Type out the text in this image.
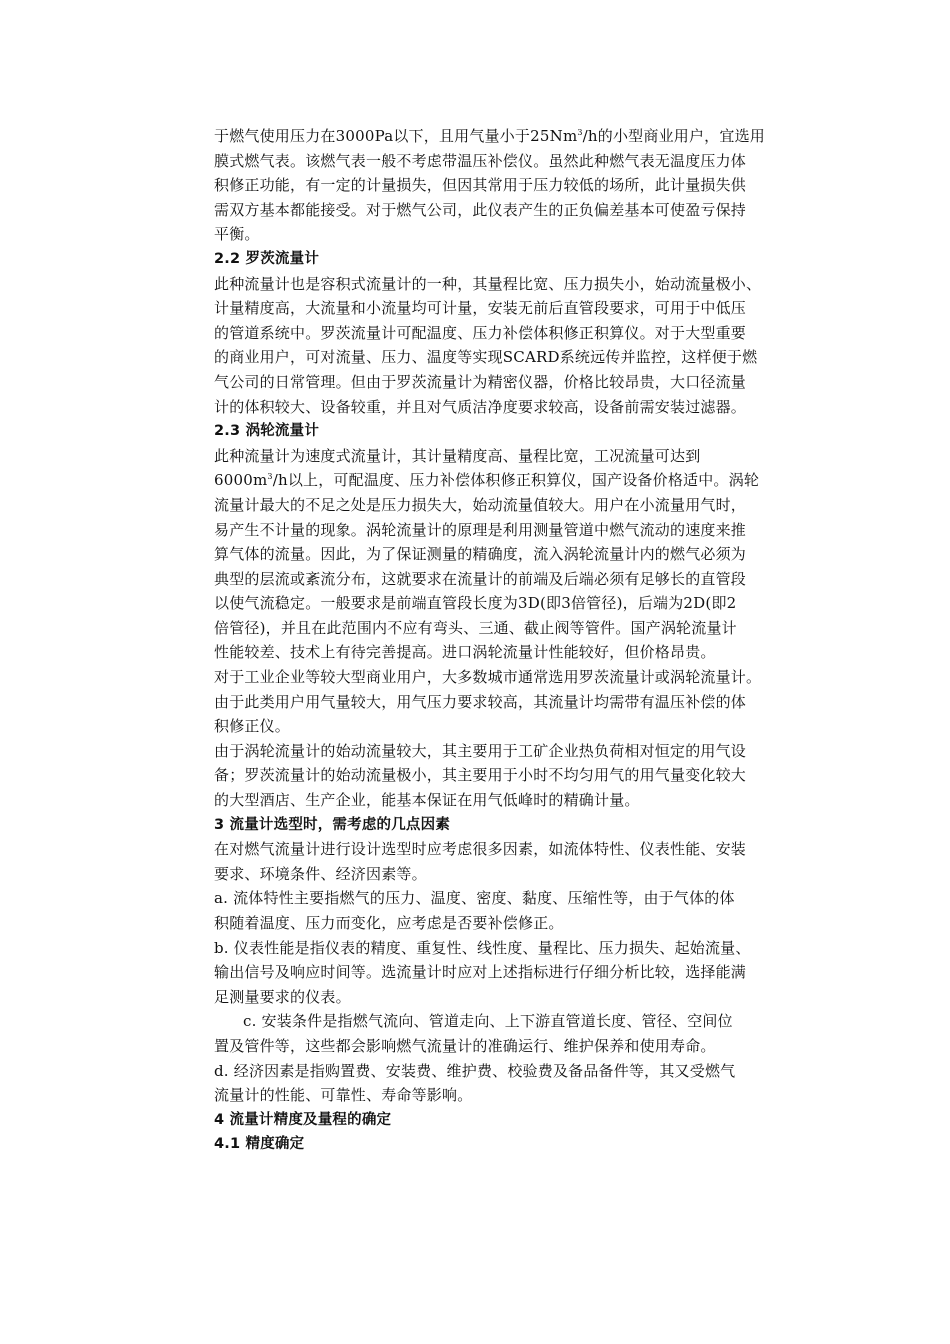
于燃气使用压力在3000Pa以下，且用气量小于25Nm$^3$/h的小型商业用户，宜选用
膜式燃气表。该燃气表一般不考虑带温压补偿仪。虽然此种燃气表无温度压力体
积修正功能，有一定的计量损失，但因其常用于压力较低的场所，此计量损失供
需双方基本都能接受。对于燃气公司，此仪表产生的正负偏差基本可使盈亏保持
平衡。
2.2 罗茨流量计
此种流量计也是容积式流量计的一种，其量程比宽、压力损失小，始动流量极小、
计量精度高，大流量和小流量均可计量，安装无前后直管段要求，可用于中低压
的管道系统中。罗茨流量计可配温度、压力补偿体积修正积算仪。对于大型重要
的商业用户，可对流量、压力、温度等实现SCARD系统远传并监控，这样便于燃
气公司的日常管理。但由于罗茨流量计为精密仪器，价格比较昂贵，大口径流量
计的体积较大、设备较重，并且对气质洁净度要求较高，设备前需安装过滤器。
2.3 涡轮流量计
此种流量计为速度式流量计，其计量精度高、量程比宽，工况流量可达到
$6000m^3/h$以上，可配温度、压力补偿体积修正积算仪，国产设备价格适中。涡轮
流量计最大的不足之处是压力损失大，始动流量值较大。用户在小流量用气时，
易产生不计量的现象。涡轮流量计的原理是利用测量管道中燃气流动的速度来推
算气体的流量。因此，为了保证测量的精确度，流入涡轮流量计内的燃气必须为
典型的层流或紊流分布，这就要求在流量计的前端及后端必须有足够长的直管段
以使气流稳定。一般要求是前端直管段长度为3D(即3倍管径)，后端为2D(即2
倍管径)，并且在此范围内不应有弯头、三通、截止阀等管件。国产涡轮流量计
性能较差、技术上有待完善提高。进口涡轮流量计性能较好，但价格昂贵。
对于工业企业等较大型商业用户，大多数城市通常选用罗茨流量计或涡轮流量计。
由于此类用户用气量较大，用气压力要求较高，其流量计均需带有温压补偿的体
积修正仪。
由于涡轮流量计的始动流量较大，其主要用于工矿企业热负荷相对恒定的用气设
备；罗茨流量计的始动流量极小，其主要用于小时不均匀用气的用气量变化较大
的大型酒店、生产企业，能基本保证在用气低峰时的精确计量。
3 流量计选型时，需考虑的几点因素
在对燃气流量计进行设计选型时应考虑很多因素，如流体特性、仪表性能、安装
要求、环境条件、经济因素等。
a. 流体特性主要指燃气的压力、温度、密度、黏度、压缩性等，由于气体的体
积随着温度、压力而变化，应考虑是否要补偿修正。
b. 仪表性能是指仪表的精度、重复性、线性度、量程比、压力损失、起始流量、
输出信号及响应时间等。选流量计时应对上述指标进行仔细分析比较，选择能满
足测量要求的仪表。
c. 安装条件是指燃气流向、管道走向、上下游直管道长度、管径、空间位
置及管件等，这些都会影响燃气流量计的准确运行、维护保养和使用寿命。
d. 经济因素是指购置费、安装费、维护费、校验费及备品备件等，其又受燃气
流量计的性能、可靠性、寿命等影响。
4 流量计精度及量程的确定
4.1 精度确定
